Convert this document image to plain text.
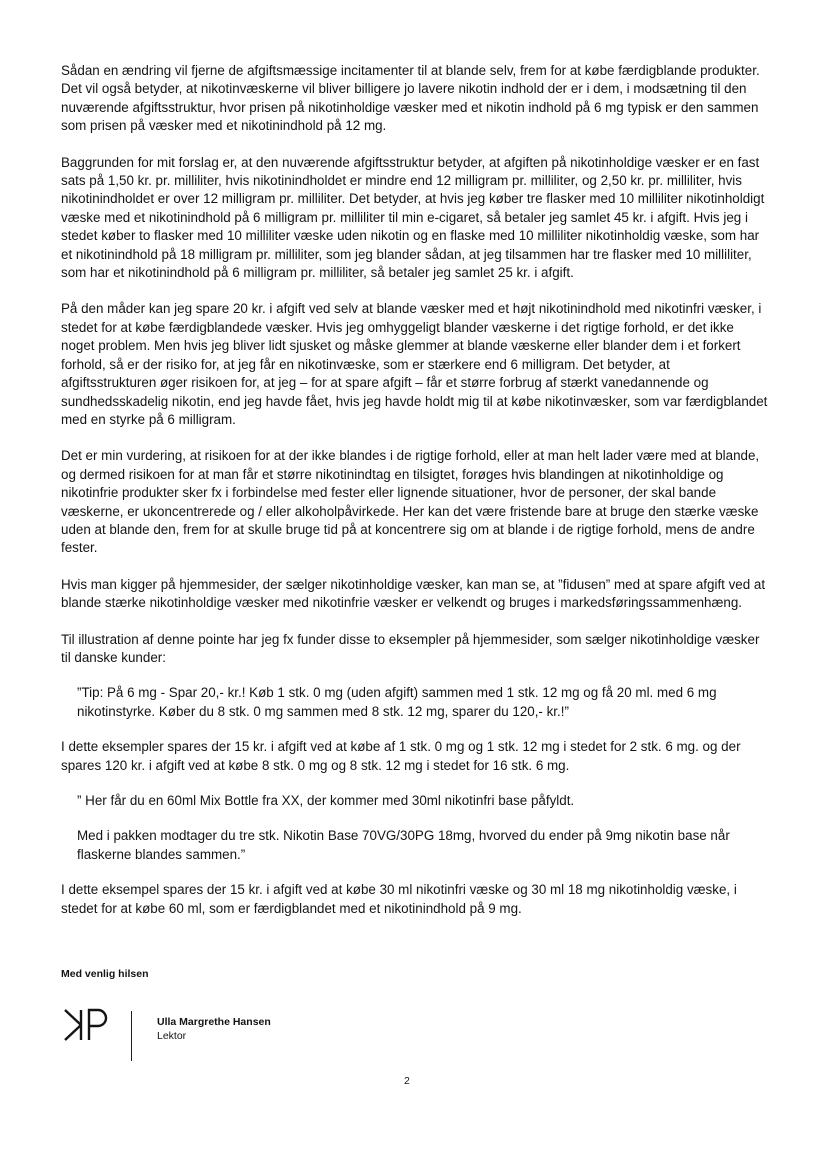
Sådan en ændring vil fjerne de afgiftsmæssige incitamenter til at blande selv, frem for at købe færdigblande produkter. Det vil også betyder, at nikotinvæskerne vil bliver billigere jo lavere nikotin indhold der er i dem, i modsætning til den nuværende afgiftsstruktur, hvor prisen på nikotinholdige væsker med et nikotin indhold på 6 mg typisk er den sammen som prisen på væsker med et nikotinindhold på 12 mg.

Baggrunden for mit forslag er, at den nuværende afgiftsstruktur betyder, at afgiften på nikotinholdige væsker er en fast sats på 1,50 kr. pr. milliliter, hvis nikotinindholdet er mindre end 12 milligram pr. milliliter, og 2,50 kr. pr. milliliter, hvis nikotinindholdet er over 12 milligram pr. milliliter. Det betyder, at hvis jeg køber tre flasker med 10 milliliter nikotinholdigt væske med et nikotinindhold på 6 milligram pr. milliliter til min e-cigaret, så betaler jeg samlet 45 kr. i afgift. Hvis jeg i stedet køber to flasker med 10 milliliter væske uden nikotin og en flaske med 10 milliliter nikotinholdig væske, som har et nikotinindhold på 18 milligram pr. milliliter, som jeg blander sådan, at jeg tilsammen har tre flasker med 10 milliliter, som har et nikotinindhold på 6 milligram pr. milliliter, så betaler jeg samlet 25 kr. i afgift.

På den måder kan jeg spare 20 kr. i afgift ved selv at blande væsker med et højt nikotinindhold med nikotinfri væsker, i stedet for at købe færdigblandede væsker. Hvis jeg omhyggeligt blander væskerne i det rigtige forhold, er det ikke noget problem. Men hvis jeg bliver lidt sjusket og måske glemmer at blande væskerne eller blander dem i et forkert forhold, så er der risiko for, at jeg får en nikotinvæske, som er stærkere end 6 milligram. Det betyder, at afgiftsstrukturen øger risikoen for, at jeg – for at spare afgift – får et større forbrug af stærkt vanedannende og sundhedsskadelig nikotin, end jeg havde fået, hvis jeg havde holdt mig til at købe nikotinvæsker, som var færdigblandet med en styrke på 6 milligram.

Det er min vurdering, at risikoen for at der ikke blandes i de rigtige forhold, eller at man helt lader være med at blande, og dermed risikoen for at man får et større nikotinindtag en tilsigtet, forøges hvis blandingen at nikotinholdige og nikotinfrie produkter sker fx i forbindelse med fester eller lignende situationer, hvor de personer, der skal bande væskerne, er ukoncentrerede og / eller alkoholpåvirkede. Her kan det være fristende bare at bruge den stærke væske uden at blande den, frem for at skulle bruge tid på at koncentrere sig om at blande i de rigtige forhold, mens de andre fester.

Hvis man kigger på hjemmesider, der sælger nikotinholdige væsker, kan man se, at ”fidusen” med at spare afgift ved at blande stærke nikotinholdige væsker med nikotinfrie væsker er velkendt og bruges i markedsføringssammenhæng.

Til illustration af denne pointe har jeg fx funder disse to eksempler på hjemmesider, som sælger nikotinholdige væsker til danske kunder:

”Tip: På 6 mg - Spar 20,- kr.! Køb 1 stk. 0 mg (uden afgift) sammen med 1 stk. 12 mg og få 20 ml. med 6 mg nikotinstyrke. Køber du 8 stk. 0 mg sammen med 8 stk. 12 mg, sparer du 120,- kr.!”

I dette eksempler spares der 15 kr. i afgift ved at købe af 1 stk. 0 mg og 1 stk. 12 mg i stedet for 2 stk. 6 mg. og der spares 120 kr. i afgift ved at købe 8 stk. 0 mg og 8 stk. 12 mg i stedet for 16 stk. 6 mg.

” Her får du en 60ml Mix Bottle fra XX, der kommer med 30ml nikotinfri base påfyldt.

Med i pakken modtager du tre stk. Nikotin Base 70VG/30PG 18mg, hvorved du ender på 9mg nikotin base når flaskerne blandes sammen.”

I dette eksempel spares der 15 kr. i afgift ved at købe 30 ml nikotinfri væske og 30 ml 18 mg nikotinholdig væske, i stedet for at købe 60 ml, som er færdigblandet med et nikotinindhold på 9 mg.

Med venlig hilsen

Ulla Margrethe Hansen
Lektor
2
